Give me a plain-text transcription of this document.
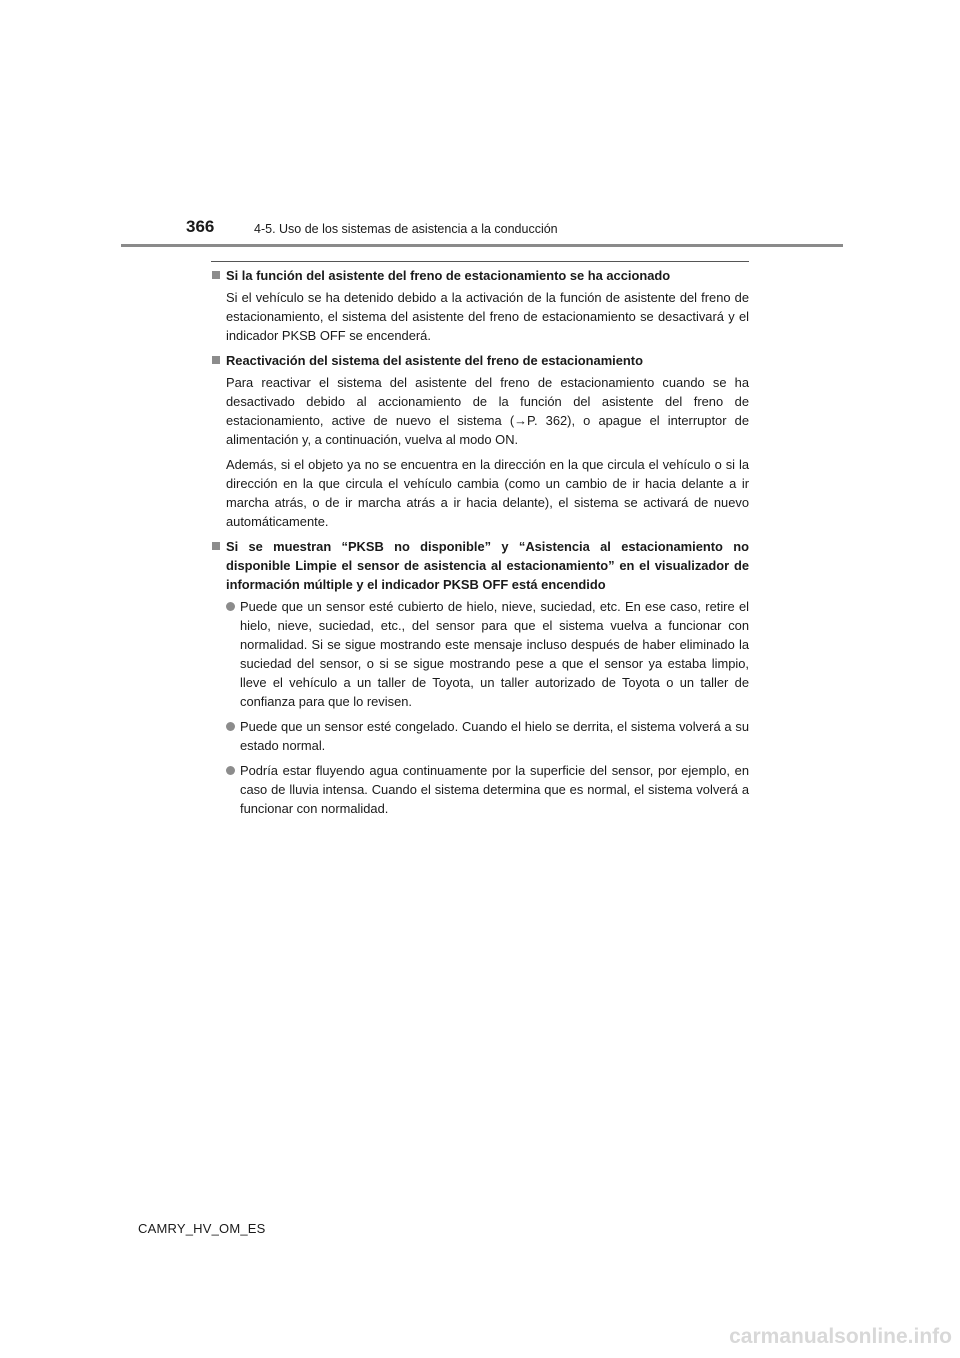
366	4-5. Uso de los sistemas de asistencia a la conducción
Si la función del asistente del freno de estacionamiento se ha accionado

Si el vehículo se ha detenido debido a la activación de la función de asistente del freno de estacionamiento, el sistema del asistente del freno de estacionamiento se desactivará y el indicador PKSB OFF se encenderá.

Reactivación del sistema del asistente del freno de estacionamiento

Para reactivar el sistema del asistente del freno de estacionamiento cuando se ha desactivado debido al accionamiento de la función del asistente del freno de estacionamiento, active de nuevo el sistema (→P. 362), o apague el interruptor de alimentación y, a continuación, vuelva al modo ON.

Además, si el objeto ya no se encuentra en la dirección en la que circula el vehículo o si la dirección en la que circula el vehículo cambia (como un cambio de ir hacia delante a ir marcha atrás, o de ir marcha atrás a ir hacia delante), el sistema se activará de nuevo automáticamente.

Si se muestran “PKSB no disponible” y “Asistencia al estacionamiento no disponible Limpie el sensor de asistencia al estacionamiento” en el visualizador de información múltiple y el indicador PKSB OFF está encendido
Puede que un sensor esté cubierto de hielo, nieve, suciedad, etc. En ese caso, retire el hielo, nieve, suciedad, etc., del sensor para que el sistema vuelva a funcionar con normalidad. Si se sigue mostrando este mensaje incluso después de haber eliminado la suciedad del sensor, o si se sigue mostrando pese a que el sensor ya estaba limpio, lleve el vehículo a un taller de Toyota, un taller autorizado de Toyota o un taller de confianza para que lo revisen.
Puede que un sensor esté congelado. Cuando el hielo se derrita, el sistema volverá a su estado normal.
Podría estar fluyendo agua continuamente por la superficie del sensor, por ejemplo, en caso de lluvia intensa. Cuando el sistema determina que es normal, el sistema volverá a funcionar con normalidad.
CAMRY_HV_OM_ES
carmanualsonline.info
